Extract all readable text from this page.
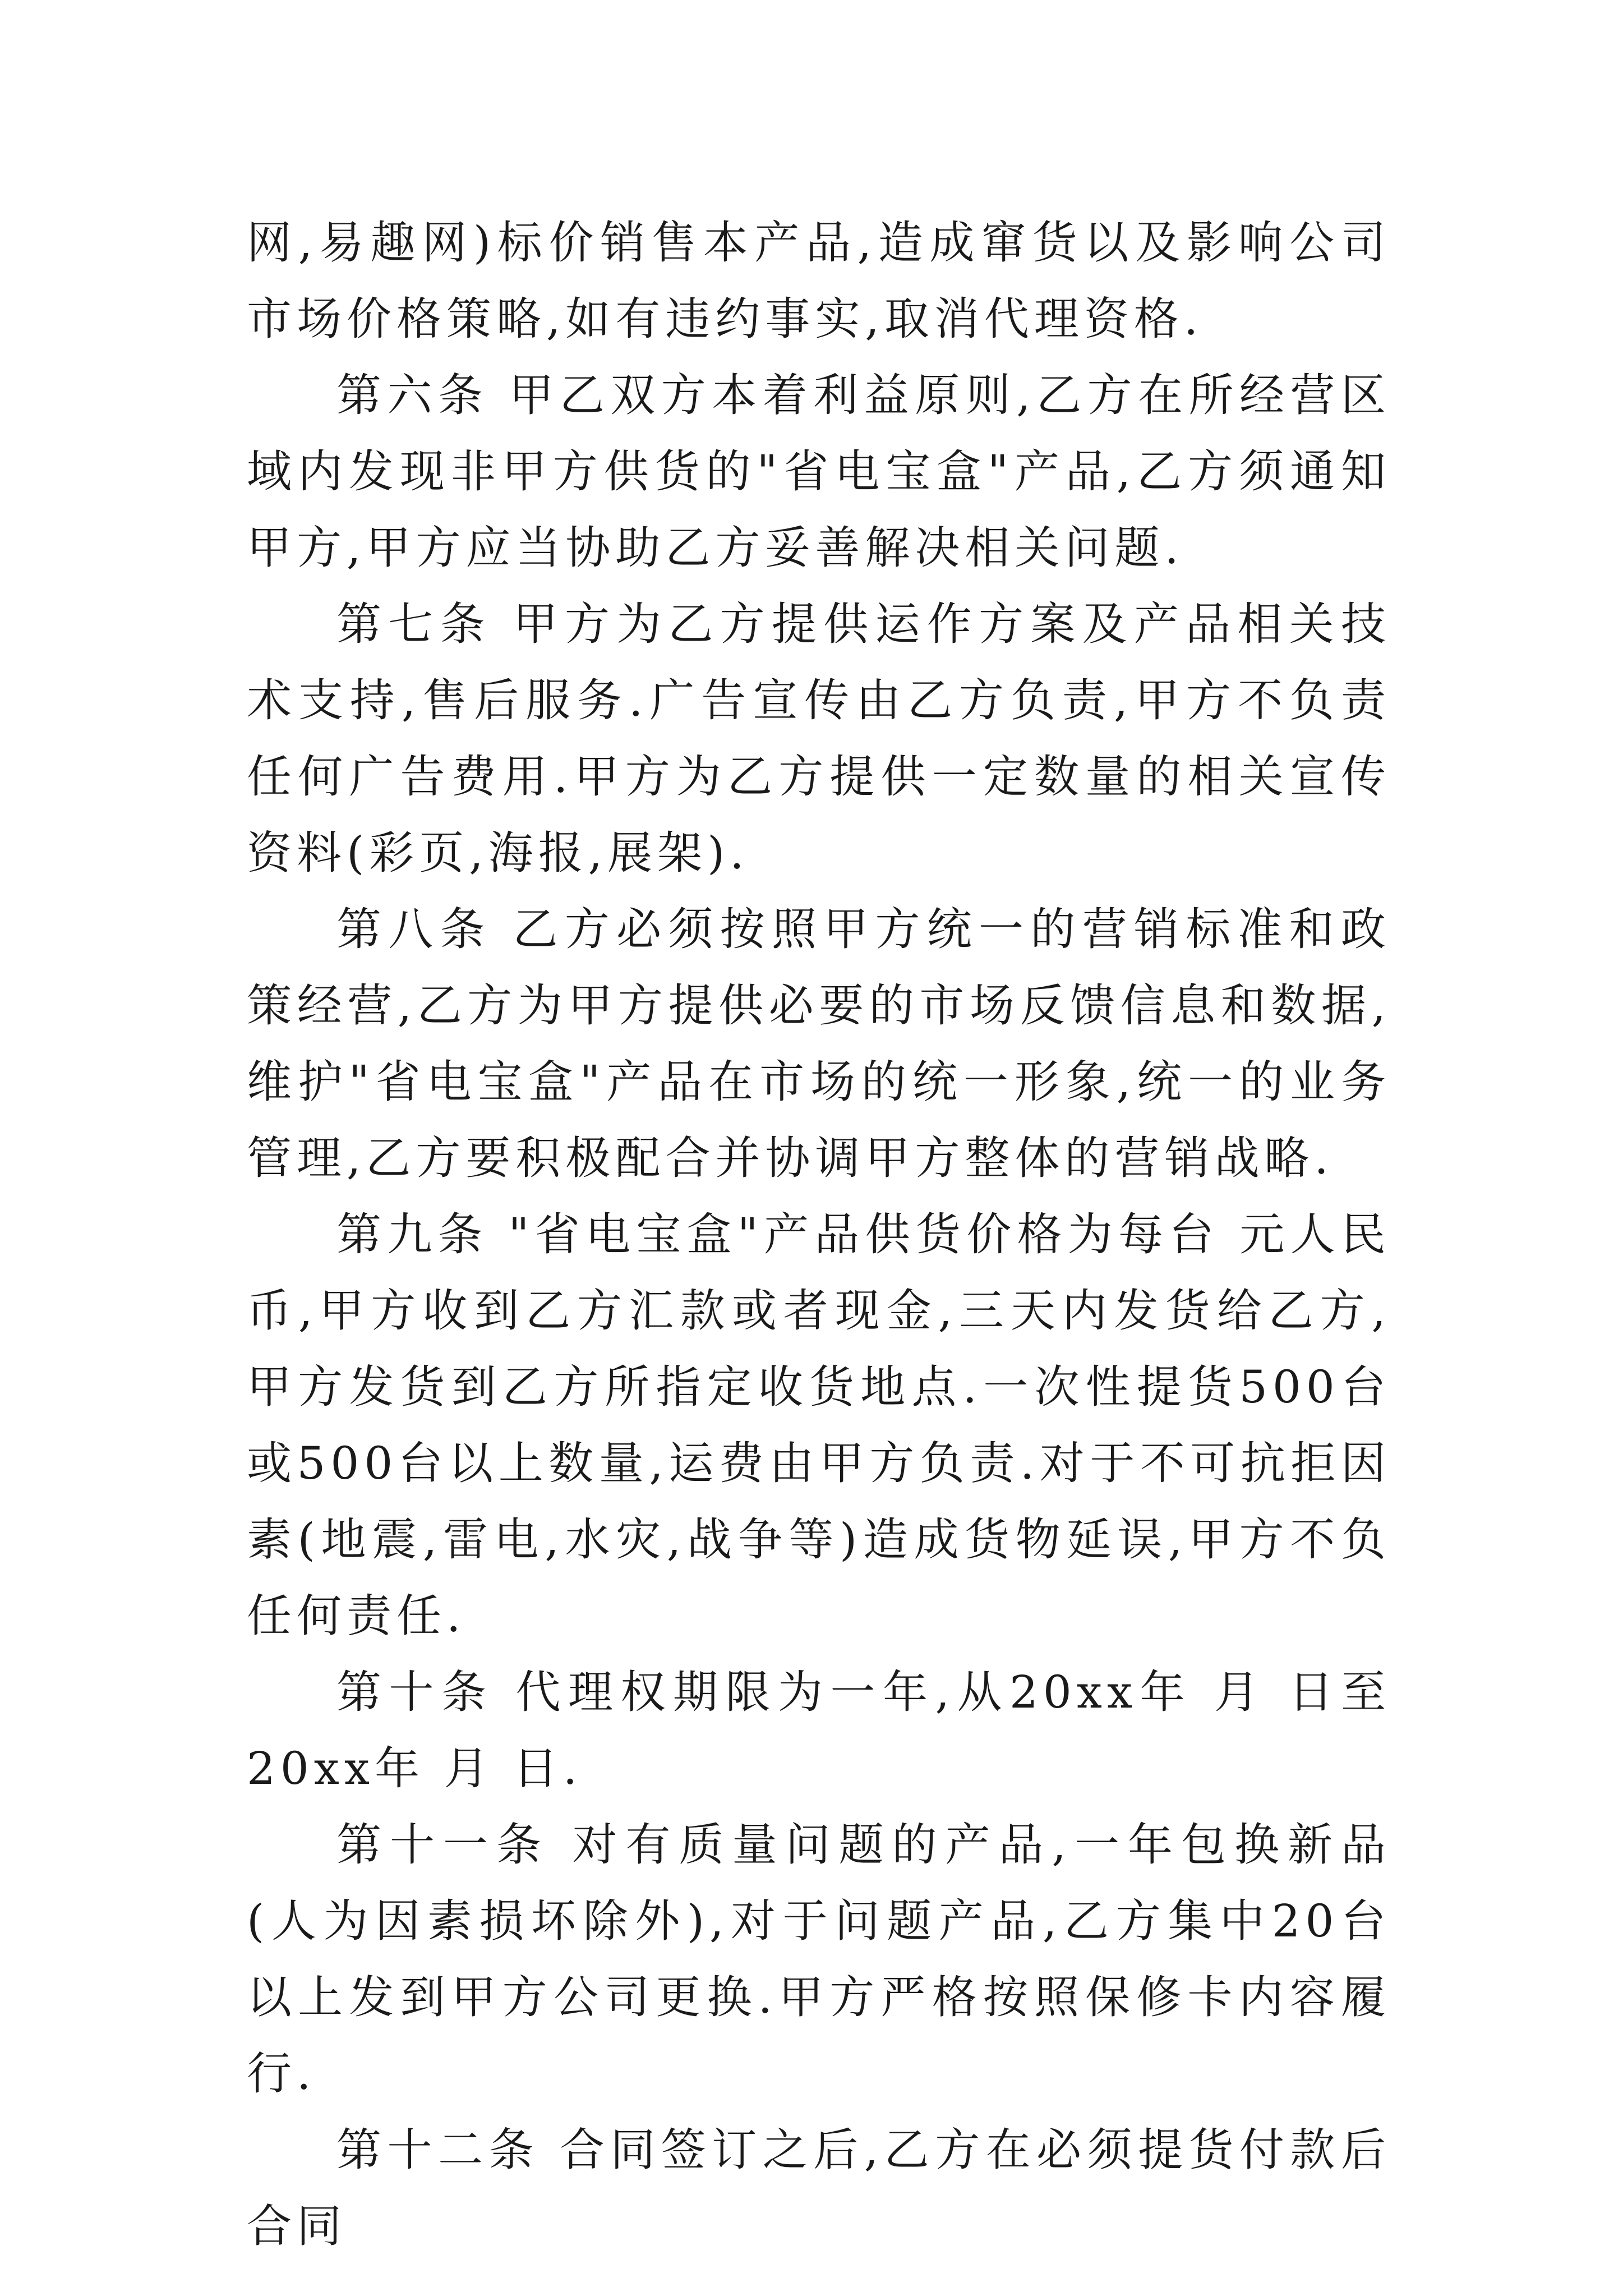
网,易趣网)标价销售本产品,造成窜货以及影响公司市场价格策略,如有违约事实,取消代理资格.

第六条 甲乙双方本着利益原则,乙方在所经营区域内发现非甲方供货的"省电宝盒"产品,乙方须通知甲方,甲方应当协助乙方妥善解决相关问题.

第七条 甲方为乙方提供运作方案及产品相关技术支持,售后服务.广告宣传由乙方负责,甲方不负责任何广告费用.甲方为乙方提供一定数量的相关宣传资料(彩页,海报,展架).

第八条 乙方必须按照甲方统一的营销标准和政策经营,乙方为甲方提供必要的市场反馈信息和数据,维护"省电宝盒"产品在市场的统一形象,统一的业务管理,乙方要积极配合并协调甲方整体的营销战略.

第九条 "省电宝盒"产品供货价格为每台 元人民币,甲方收到乙方汇款或者现金,三天内发货给乙方,甲方发货到乙方所指定收货地点.一次性提货500台或500台以上数量,运费由甲方负责.对于不可抗拒因素(地震,雷电,水灾,战争等)造成货物延误,甲方不负任何责任.

第十条 代理权期限为一年,从20xx年 月 日至20xx年 月 日.

第十一条 对有质量问题的产品,一年包换新品(人为因素损坏除外),对于问题产品,乙方集中20台以上发到甲方公司更换.甲方严格按照保修卡内容履行.

第十二条 合同签订之后,乙方在必须提货付款后合同
